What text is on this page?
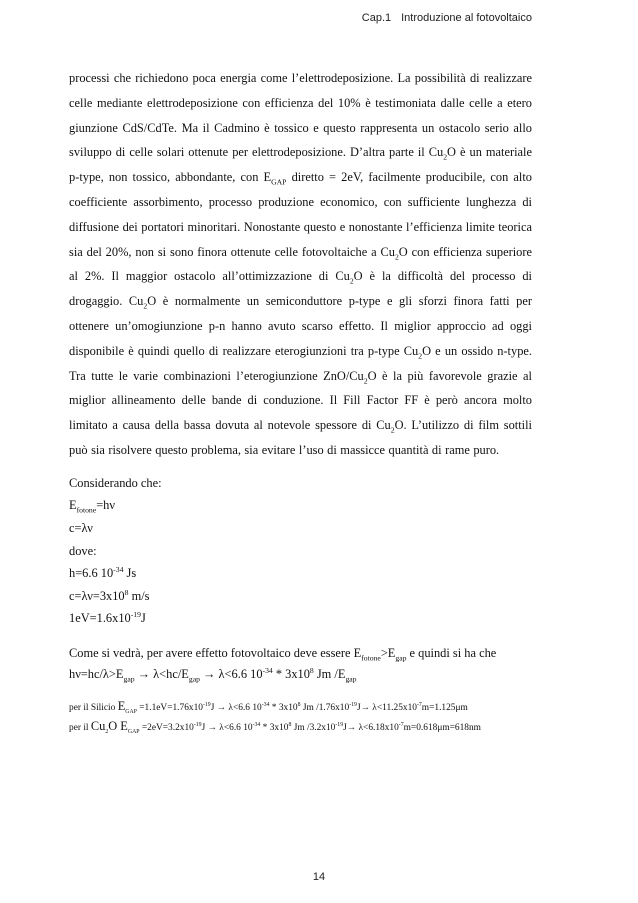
Cap.1 Introduzione al fotovoltaico

processi che richiedono poca energia come l’elettrodeposizione. La possibilità di realizzare celle mediante elettrodeposizione con efficienza del 10% è testimoniata dalle celle a etero giunzione CdS/CdTe. Ma il Cadmino è tossico e questo rappresenta un ostacolo serio allo sviluppo di celle solari ottenute per elettrodeposizione. D’altra parte il $Cu_2O$ è un materiale p-type, non tossico, abbondante, con $E_{GAP}$ diretto = 2eV, facilmente producibile, con alto coefficiente assorbimento, processo produzione economico, con sufficiente lunghezza di diffusione dei portatori minoritari. Nonostante questo e nonostante l’efficienza limite teorica sia del 20%, non si sono finora ottenute celle fotovoltaiche a $Cu_2O$ con efficienza superiore al 2%. Il maggior ostacolo all’ottimizzazione di $Cu_2O$ è la difficoltà del processo di drogaggio. $Cu_2O$ è normalmente un semiconduttore p-type e gli sforzi finora fatti per ottenere un’omogiunzione p-n hanno avuto scarso effetto. Il miglior approccio ad oggi disponibile è quindi quello di realizzare eterogiunzioni tra p-type $Cu_2O$ e un ossido n-type. Tra tutte le varie combinazioni l’eterogiunzione ZnO/$Cu_2O$ è la più favorevole grazie al miglior allineamento delle bande di conduzione. Il Fill Factor FF è però ancora molto limitato a causa della bassa dovuta al notevole spessore di $Cu_2O$. L’utilizzo di film sottili può sia risolvere questo problema, sia evitare l’uso di massicce quantità di rame puro.

Considerando che:

$E_{fotone}=h\nu$

c=λν

dove:

h=6.6 $10^{-34}$ Js

$c=\lambda\nu=3x10^8$ m/s

$1eV=1.6x10^{-19}J$

Come si vedrà, per avere effetto fotovoltaico deve essere $E_{fotone}>E_{gap}$ e quindi si ha che

$h\nu=hc/\lambda>E_{gap} \to \lambda<hc/E_{gap} \to \lambda<6.6$ $10^{-34} * 3x10^8$ Jm $/E_{gap}$

per il Silicio $E_{GAP} =1.1eV=1.76x10^{-19}J \to \lambda<6.6$ $10^{-34} * 3x10^8$ Jm $/1.76x10^{-19}J\to \lambda<11.25x10^{-7}m=1.125\mu m$

per il $Cu_2O$ $E_{GAP} =2eV=3.2x10^{-19}J \to \lambda<6.6$ $10^{-34} * 3x10^8$ Jm $/3.2x10^{-19}J\to \lambda<6.18x10^{-7}m=0.618\mu m=618nm$

14
